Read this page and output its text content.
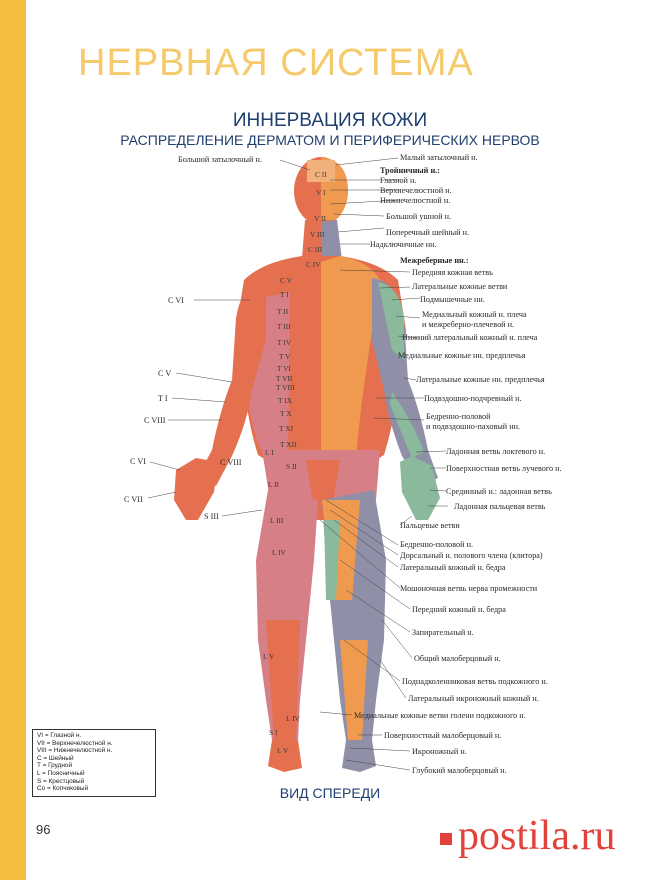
НЕРВНАЯ СИСТЕМА
ИННЕРВАЦИЯ КОЖИ
РАСПРЕДЕЛЕНИЕ ДЕРМАТОМ И ПЕРИФЕРИЧЕСКИХ НЕРВОВ
C II
V I
V II
V III
C III
C IV
C V
T I
T II
T III
T IV
T V
T VI
T VII
T VIII
T IX
T X
T XI
T XII
L I
S II
L II
L III
L IV
L V
L IV
S I
L V
Большой затылочный н.
C VI
C V
T I
C VIII
C VI	C VIII
C VII
S III
Малый затылочный н.
Тройничный н.:
Глазной н.
Верхнечелюстной н.
Нижнечелюстной н.
Большой ушной н.
Поперечный шейный н.
Надключичные нн.
Межреберные нн.:
Передняя кожная ветвь
Латеральные кожные ветви
Подмышечные нн.
Медиальный кожный н. плеча
и межреберно-плечевой н.
Нижний латеральный кожный н. плеча
Медиальные кожные нн. предплечья
Латеральные кожные нн. предплечья
Подвздошно-подчревный н.
Бедренно-половой
и подвздошно-паховый нн.
Ладонная ветвь локтевого н.
Поверхностная ветвь лучевого н.
Срединный н.: ладонная ветвь
Ладонная пальцевая ветвь
Пальцевые ветви
Бедренно-половой н.
Дорсальный н. полового члена (клитора)
Латеральный кожный н. бедра
Мошоночная ветвь нерва промежности
Передний кожный н. бедра
Запирательный н.
Общий малоберцовый н.
Поднадколенниковая ветвь подкожного н.
Латеральный икроножный кожный н.
Медиальные кожные ветви голени подкожного н.
Поверхностный малоберцовый н.
Икроножный н.
Глубокий малоберцовый н.
VI = Глазной н.
VII = Верхнечелюстной н.
VIII = Нижнечелюстной н.
C = Шейный
T = Грудной
L = Поясничный
S = Крестцовый
Co = Копчиковый	ВИД СПЕРЕДИ
96	postila.ru
